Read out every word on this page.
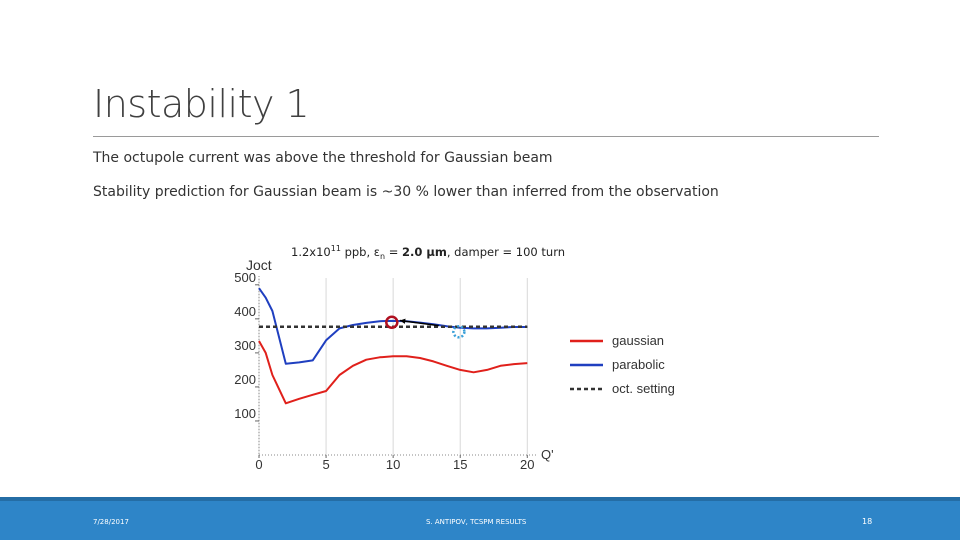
Instability 1
The octupole current was above the threshold for Gaussian beam
Stability prediction for Gaussian beam is ~30 % lower than inferred from the observation
$1.2x10^{11}$ ppb, $\varepsilon_n = 2.0$ µm, damper = 100 turn
100
200
300
400
500
0	5	10	15	20
Joct
Q'
gaussian
parabolic
oct. setting
7/28/2017	S. ANTIPOV, TCSPM RESULTS	18
